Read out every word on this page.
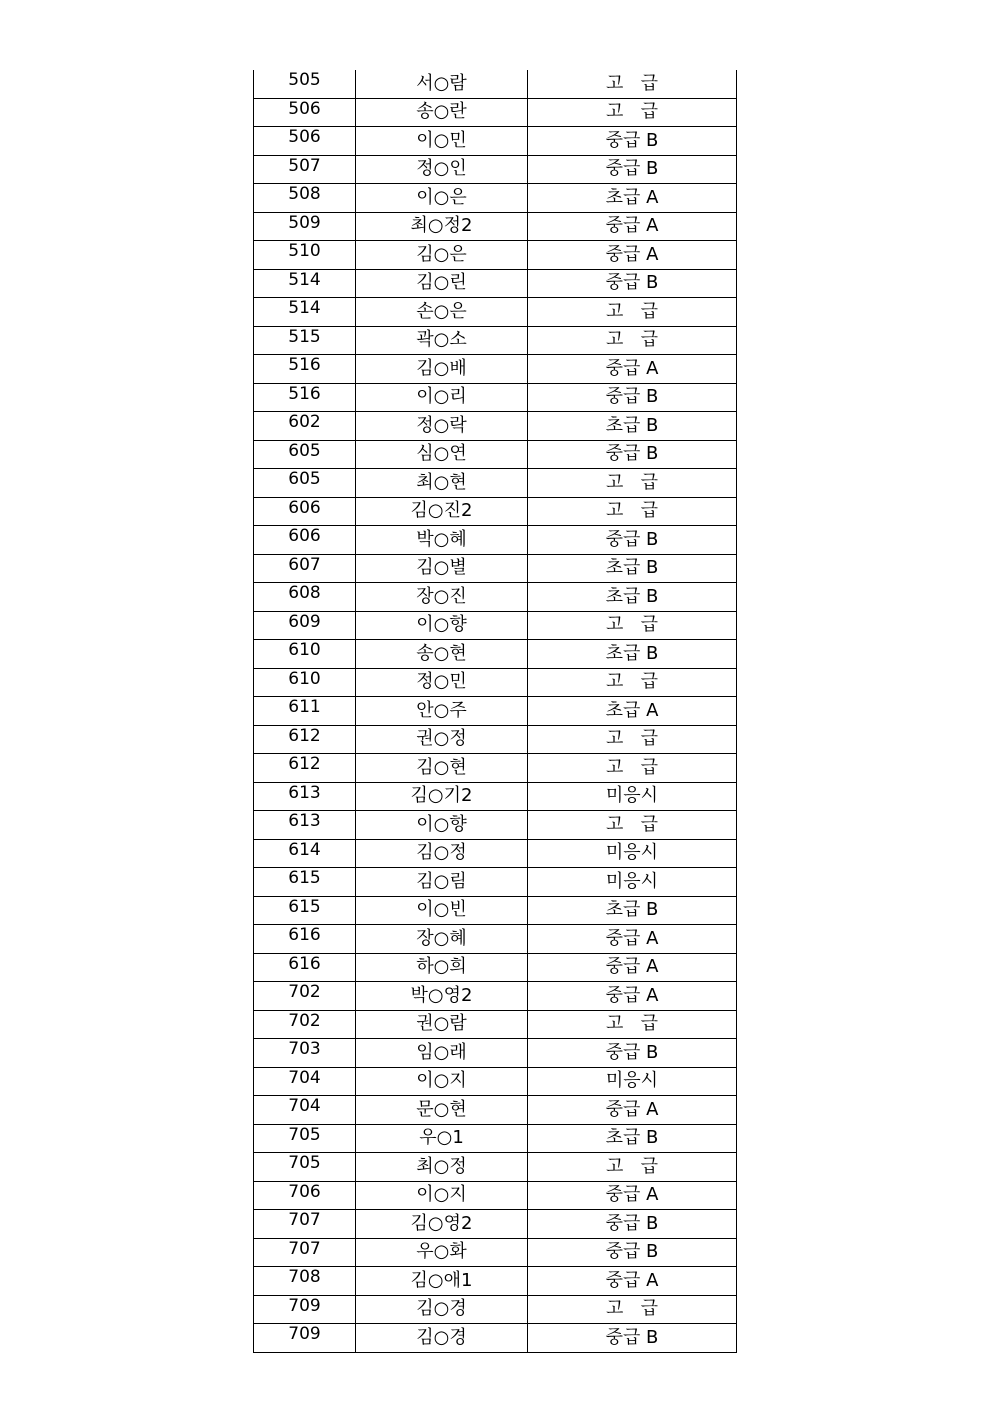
505	서○람	고   급
506	송○란	고   급
506	이○민	중급 B
507	정○인	중급 B
508	이○은	초급 A
509	최○정2	중급 A
510	김○은	중급 A
514	김○린	중급 B
514	손○은	고   급
515	곽○소	고   급
516	김○배	중급 A
516	이○리	중급 B
602	정○락	초급 B
605	심○연	중급 B
605	최○현	고   급
606	김○진2	고   급
606	박○혜	중급 B
607	김○별	초급 B
608	장○진	초급 B
609	이○향	고   급
610	송○현	초급 B
610	정○민	고   급
611	안○주	초급 A
612	권○정	고   급
612	김○현	고   급
613	김○기2	미응시
613	이○향	고   급
614	김○정	미응시
615	김○림	미응시
615	이○빈	초급 B
616	장○혜	중급 A
616	하○희	중급 A
702	박○영2	중급 A
702	권○람	고   급
703	임○래	중급 B
704	이○지	미응시
704	문○현	중급 A
705	우○1	초급 B
705	최○정	고   급
706	이○지	중급 A
707	김○영2	중급 B
707	우○화	중급 B
708	김○애1	중급 A
709	김○경	고   급
709	김○경	중급 B
